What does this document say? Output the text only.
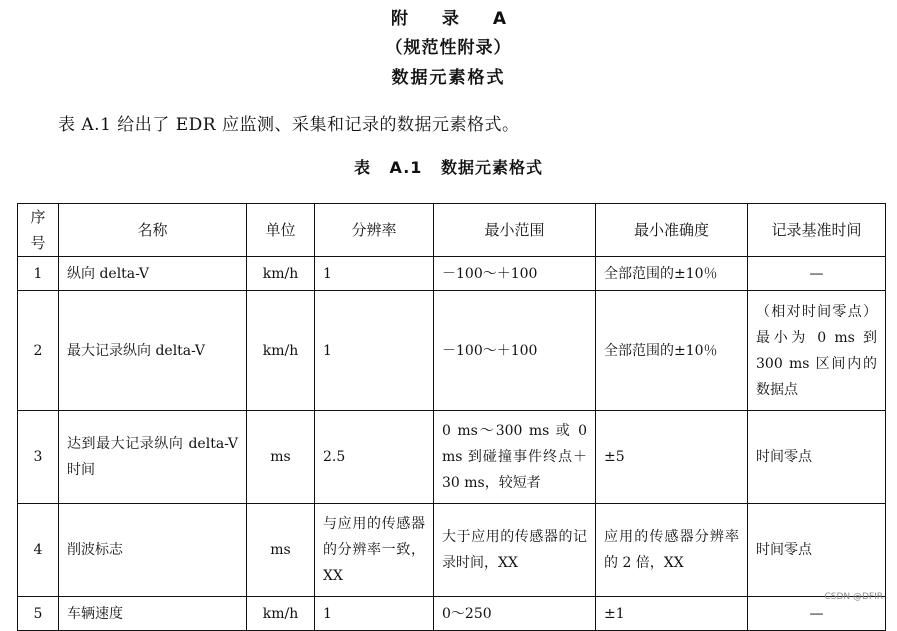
附 录 A
（规范性附录）
数据元素格式
表 A.1 给出了 EDR 应监测、采集和记录的数据元素格式。
表 A.1 数据元素格式
序号	名称	单位	分辨率	最小范围	最小准确度	记录基准时间
1	纵向 delta-V	km/h	1	－100～＋100	全部范围的±10％	—
2	最大记录纵向 delta-V	km/h	1	－100～＋100	全部范围的±10％	（相对时间零点）最小为 0 ms 到 300 ms 区间内的数据点
3	达到最大记录纵向 delta-V 时间	ms	2.5	0 ms～300 ms 或 0 ms 到碰撞事件终点＋30 ms，较短者	±5	时间零点
4	削波标志	ms	与应用的传感器的分辨率一致，XX	大于应用的传感器的记录时间，XX	应用的传感器分辨率的 2 倍，XX	时间零点
5	车辆速度	km/h	1	0～250	±1	—
CSDN @DFIR
